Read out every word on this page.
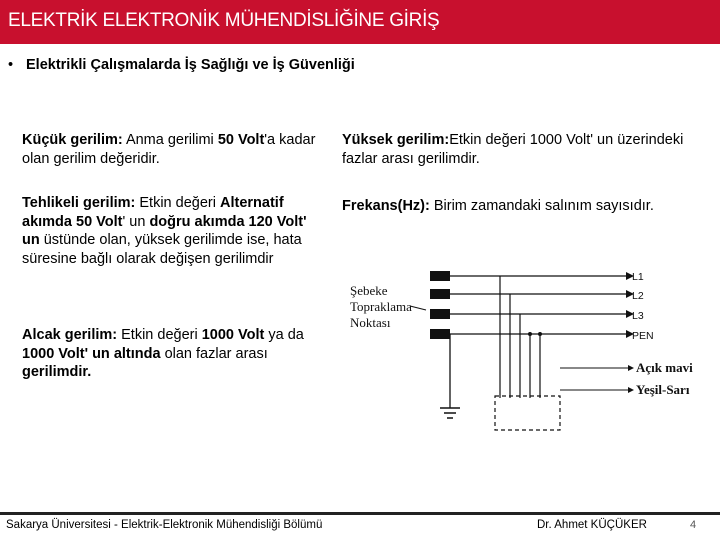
ELEKTRİK ELEKTRONİK MÜHENDİSLİĞİNE GİRİŞ
• Elektrikli Çalışmalarda İş Sağlığı ve İş Güvenliği
Küçük gerilim: Anma gerilimi 50 Volt'a kadar olan gerilim değeridir.
Tehlikeli gerilim: Etkin değeri Alternatif akımda 50 Volt' un doğru akımda 120 Volt' un üstünde olan, yüksek gerilimde ise, hata süresine bağlı olarak değişen gerilimdir
Alcak gerilim: Etkin değeri 1000 Volt ya da 1000 Volt' un altında olan fazlar arası gerilimdir.
Yüksek gerilim:Etkin değeri 1000 Volt' un üzerindeki fazlar arası gerilimdir.
Frekans(Hz): Birim zamandaki salınım sayısıdır.
Şebeke
Topraklama
Noktası
L1
L2
L3
PEN
Açık mavi
Yeşil-Sarı
Sakarya Üniversitesi - Elektrik-Elektronik Mühendisliği Bölümü	Dr. Ahmet KÜÇÜKER	4
